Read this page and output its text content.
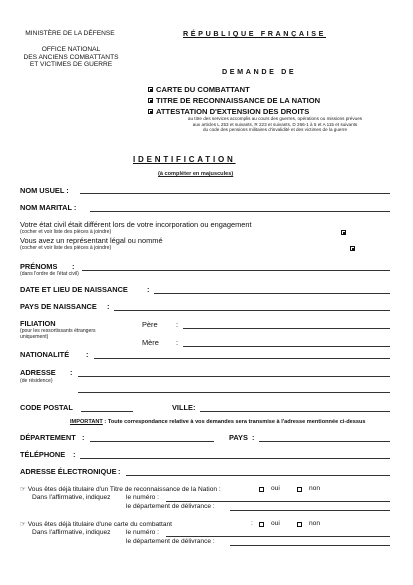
MINISTÈRE DE LA DÉFENSE
OFFICE NATIONAL
DES ANCIENS COMBATTANTS
ET VICTIMES DE GUERRE
RÉPUBLIQUE FRANÇAISE
DEMANDE DE
CARTE DU COMBATTANT
TITRE DE RECONNAISSANCE DE LA NATION
ATTESTATION D'EXTENSION DES DROITS
au titre des services accomplis au cours des guerres, opérations ou missions prévues
aux articles L 253 et suivants, R 223 et suivants, D 266-1 à 5 et A 115 et suivants
du code des pensions militaires d'invalidité et des victimes de la guerre
IDENTIFICATION
(à compléter en majuscules)
NOM USUEL :
NOM MARITAL :
Votre état civil était différent lors de votre incorporation ou engagement
(cocher et voir liste des pièces à joindre)

Vous avez un représentant légal ou nommé
(cocher et voir liste des pièces à joindre)
PRÉNOMS :
(dans l'ordre de l'état civil)
DATE ET LIEU DE NAISSANCE	:
PAYS DE NAISSANCE :
FILIATION
(pour les ressortissants étrangers
uniquement)
Père :
Mère :
NATIONALITÉ :
ADRESSE :
(de résidence)
CODE POSTAL	VILLE :
IMPORTANT : Toute correspondance relative à vos demandes sera transmise à l'adresse mentionnée ci-dessus
DÉPARTEMENT :	PAYS :
TÉLÉPHONE :
ADRESSE ÉLECTRONIQUE :
☞ Vous êtes déjà titulaire d'un Titre de reconnaissance de la Nation :	oui	non
Dans l'affirmative, indiquez le numéro :
le département de délivrance :
☞ Vous êtes déjà titulaire d'une carte du combattant	:	oui	non
Dans l'affirmative, indiquez le numéro :
le département de délivrance :
